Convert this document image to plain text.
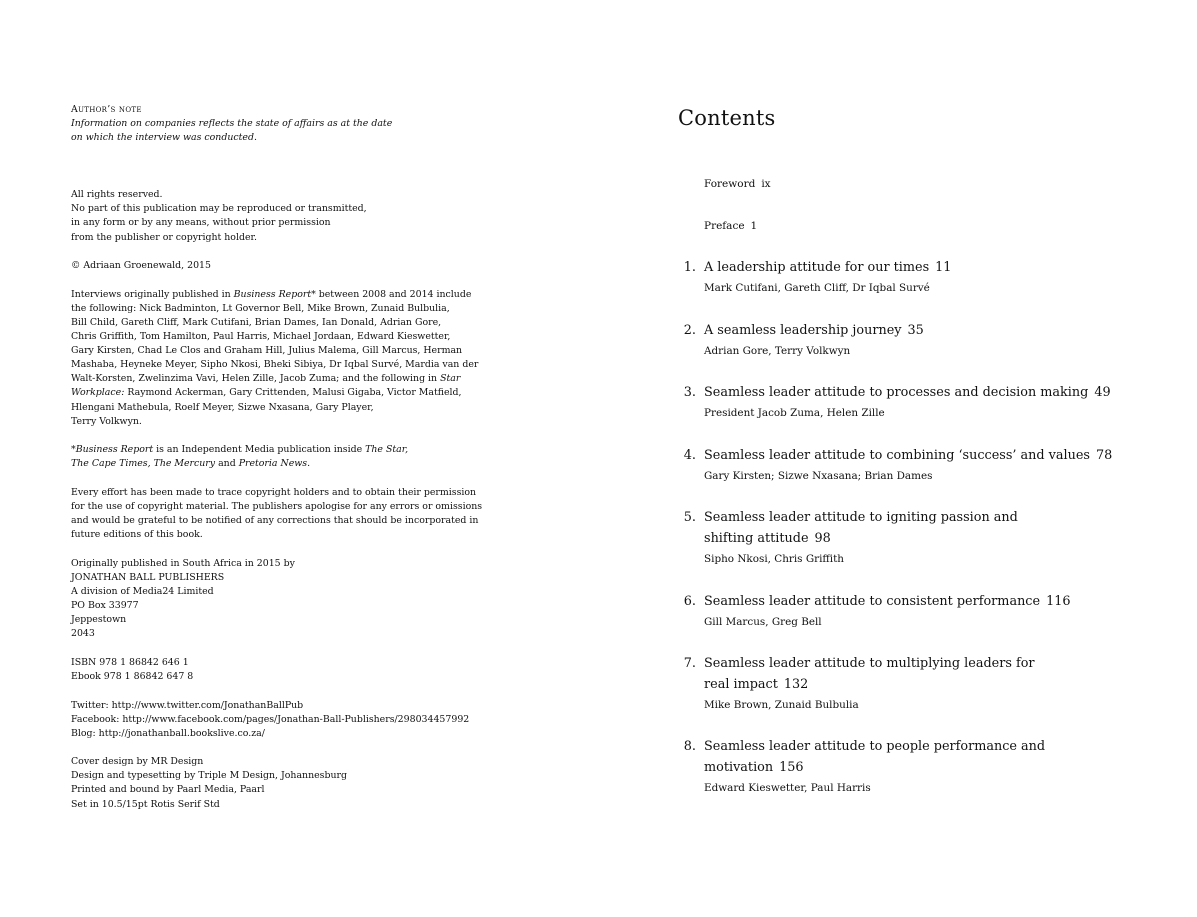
Author’s note

Information on companies reflects the state of affairs as at the date
on which the interview was conducted.

All rights reserved.
No part of this publication may be reproduced or transmitted,
in any form or by any means, without prior permission
from the publisher or copyright holder.

© Adriaan Groenewald, 2015

Interviews originally published in Business Report* between 2008 and 2014 include
the following: Nick Badminton, Lt Governor Bell, Mike Brown, Zunaid Bulbulia,
Bill Child, Gareth Cliff, Mark Cutifani, Brian Dames, Ian Donald, Adrian Gore,
Chris Griffith, Tom Hamilton, Paul Harris, Michael Jordaan, Edward Kieswetter,
Gary Kirsten, Chad Le Clos and Graham Hill, Julius Malema, Gill Marcus, Herman
Mashaba, Heyneke Meyer, Sipho Nkosi, Bheki Sibiya, Dr Iqbal Survé, Mardia van der
Walt-Korsten, Zwelinzima Vavi, Helen Zille, Jacob Zuma; and the following in Star
Workplace: Raymond Ackerman, Gary Crittenden, Malusi Gigaba, Victor Matfield,
Hlengani Mathebula, Roelf Meyer, Sizwe Nxasana, Gary Player,
Terry Volkwyn.

*Business Report is an Independent Media publication inside The Star,
The Cape Times, The Mercury and Pretoria News.

Every effort has been made to trace copyright holders and to obtain their permission
for the use of copyright material. The publishers apologise for any errors or omissions
and would be grateful to be notified of any corrections that should be incorporated in
future editions of this book.

Originally published in South Africa in 2015 by
JONATHAN BALL PUBLISHERS
A division of Media24 Limited
PO Box 33977
Jeppestown
2043

ISBN 978 1 86842 646 1
Ebook 978 1 86842 647 8

Twitter: http://www.twitter.com/JonathanBallPub
Facebook: http://www.facebook.com/pages/Jonathan-Ball-Publishers/298034457992
Blog: http://jonathanball.bookslive.co.za/

Cover design by MR Design
Design and typesetting by Triple M Design, Johannesburg
Printed and bound by Paarl Media, Paarl
Set in 10.5/15pt Rotis Serif Std

Contents
Foreword ix
Preface 1
1. A leadership attitude for our times 11
Mark Cutifani, Gareth Cliff, Dr Iqbal Survé
2. A seamless leadership journey 35
Adrian Gore, Terry Volkwyn
3. Seamless leader attitude to processes and decision making 49
President Jacob Zuma, Helen Zille
4. Seamless leader attitude to combining ‘success’ and values 78
Gary Kirsten; Sizwe Nxasana; Brian Dames
5. Seamless leader attitude to igniting passion and
shifting attitude 98
Sipho Nkosi, Chris Griffith
6. Seamless leader attitude to consistent performance 116
Gill Marcus, Greg Bell
7. Seamless leader attitude to multiplying leaders for
real impact 132
Mike Brown, Zunaid Bulbulia
8. Seamless leader attitude to people performance and
motivation 156
Edward Kieswetter, Paul Harris
